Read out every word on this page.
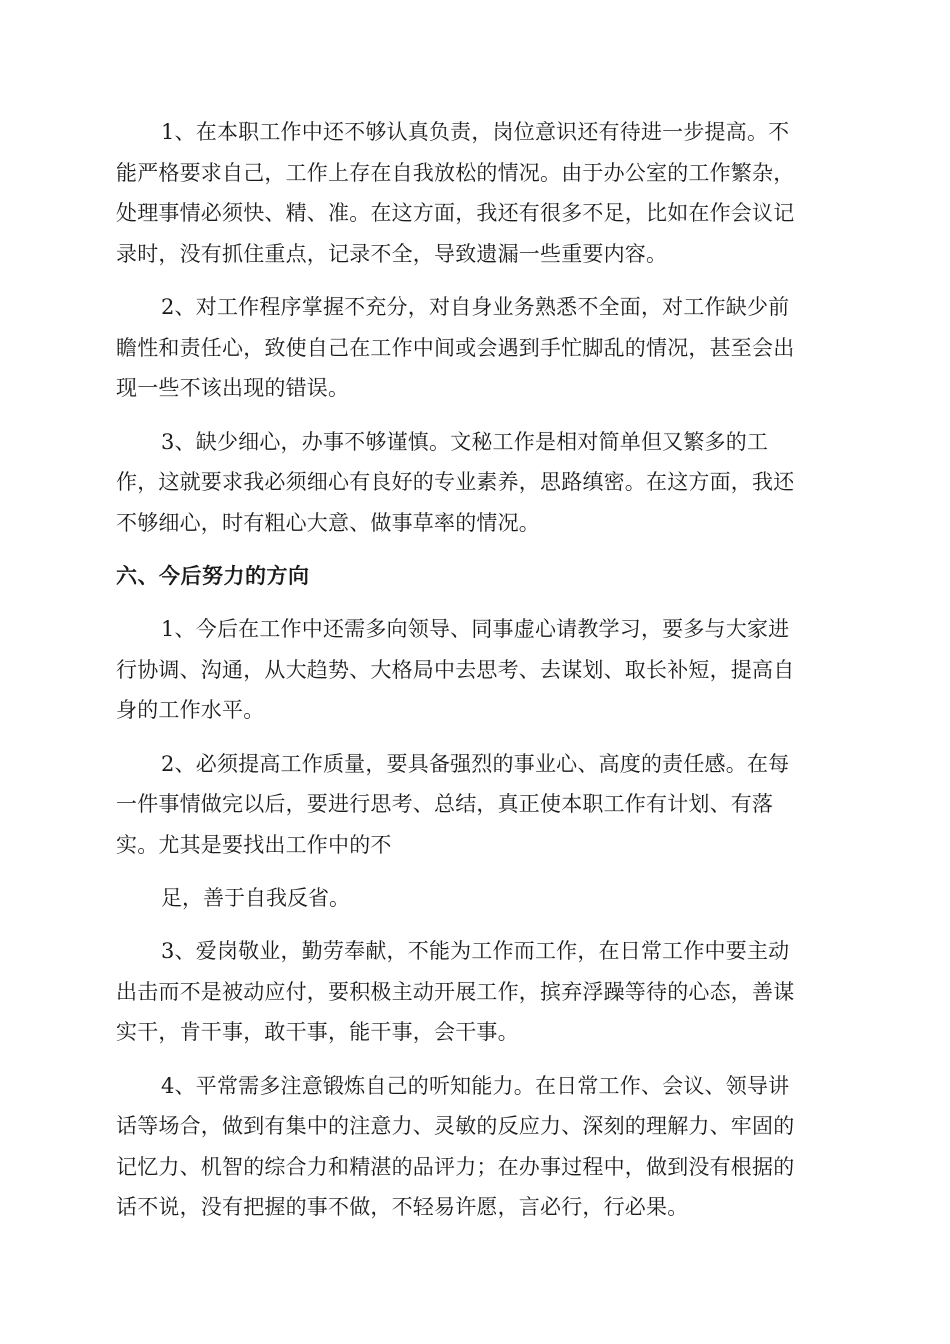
1、在本职工作中还不够认真负责，岗位意识还有待进一步提高。不
能严格要求自己，工作上存在自我放松的情况。由于办公室的工作繁杂，
处理事情必须快、精、准。在这方面，我还有很多不足，比如在作会议记
录时，没有抓住重点，记录不全，导致遗漏一些重要内容。
2、对工作程序掌握不充分，对自身业务熟悉不全面，对工作缺少前
瞻性和责任心，致使自己在工作中间或会遇到手忙脚乱的情况，甚至会出
现一些不该出现的错误。
3、缺少细心，办事不够谨慎。文秘工作是相对简单但又繁多的工
作，这就要求我必须细心有良好的专业素养，思路缜密。在这方面，我还
不够细心，时有粗心大意、做事草率的情况。
六、今后努力的方向
1、今后在工作中还需多向领导、同事虚心请教学习，要多与大家进
行协调、沟通，从大趋势、大格局中去思考、去谋划、取长补短，提高自
身的工作水平。
2、必须提高工作质量，要具备强烈的事业心、高度的责任感。在每
一件事情做完以后，要进行思考、总结，真正使本职工作有计划、有落
实。尤其是要找出工作中的不
足，善于自我反省。
3、爱岗敬业，勤劳奉献，不能为工作而工作，在日常工作中要主动
出击而不是被动应付，要积极主动开展工作，摈弃浮躁等待的心态，善谋
实干，肯干事，敢干事，能干事，会干事。
4、平常需多注意锻炼自己的听知能力。在日常工作、会议、领导讲
话等场合，做到有集中的注意力、灵敏的反应力、深刻的理解力、牢固的
记忆力、机智的综合力和精湛的品评力；在办事过程中，做到没有根据的
话不说，没有把握的事不做，不轻易许愿，言必行，行必果。
